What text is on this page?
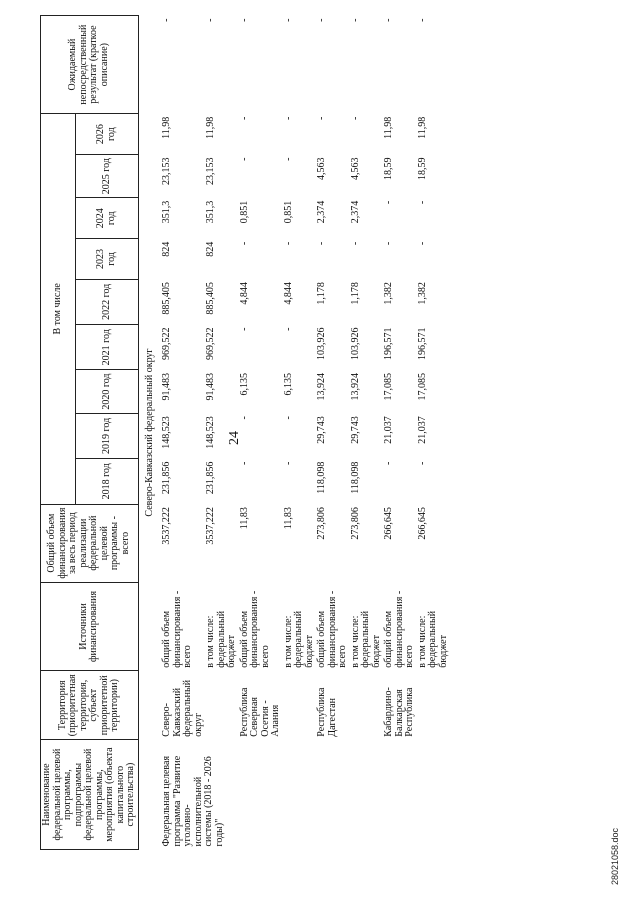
24
Наименование федеральной целевой программы, подпрограммы федеральной целевой программы, мероприятия (объекта капитального строительства)	Территория (приоритетная территория, субъект приоритетной территории)	Источники финансирования	Общий объем финансирования за весь период реализации федеральной целевой программы - всего	В том числе									Ожидаемый непосредственный результат (краткое описание)
				2018 год	2019 год	2020 год	2021 год	2022 год	2023 год	2024 год	2025 год	2026 год	
Северо-Кавказский федеральный округ													
Федеральная целевая программа "Развитие уголовно-исполнительной системы (2018 - 2026 годы)"	Северо-Кавказский федеральный округ	общий объем финансирования - всего	3537,222	231,856	148,523	91,483	969,522	885,405	824	351,3	23,153	11,98	-
		в том числе: федеральный бюджет	3537,222	231,856	148,523	91,483	969,522	885,405	824	351,3	23,153	11,98	-
	Республика Северная Осетия - Алания	общий объем финансирования - всего	11,83	-	-	6,135	-	4,844	-	0,851	-	-	-
		в том числе: федеральный бюджет	11,83	-	-	6,135	-	4,844	-	0,851	-	-	-
	Республика Дагестан	общий объем финансирования - всего	273,806	118,098	29,743	13,924	103,926	1,178	-	2,374	4,563	-	-
		в том числе: федеральный бюджет	273,806	118,098	29,743	13,924	103,926	1,178	-	2,374	4,563	-	-
	Кабардино-Балкарская Республика	общий объем финансирования - всего	266,645	-	21,037	17,085	196,571	1,382	-	-	18,59	11,98	-
		в том числе: федеральный бюджет	266,645	-	21,037	17,085	196,571	1,382	-	-	18,59	11,98	-
28021058.doc
